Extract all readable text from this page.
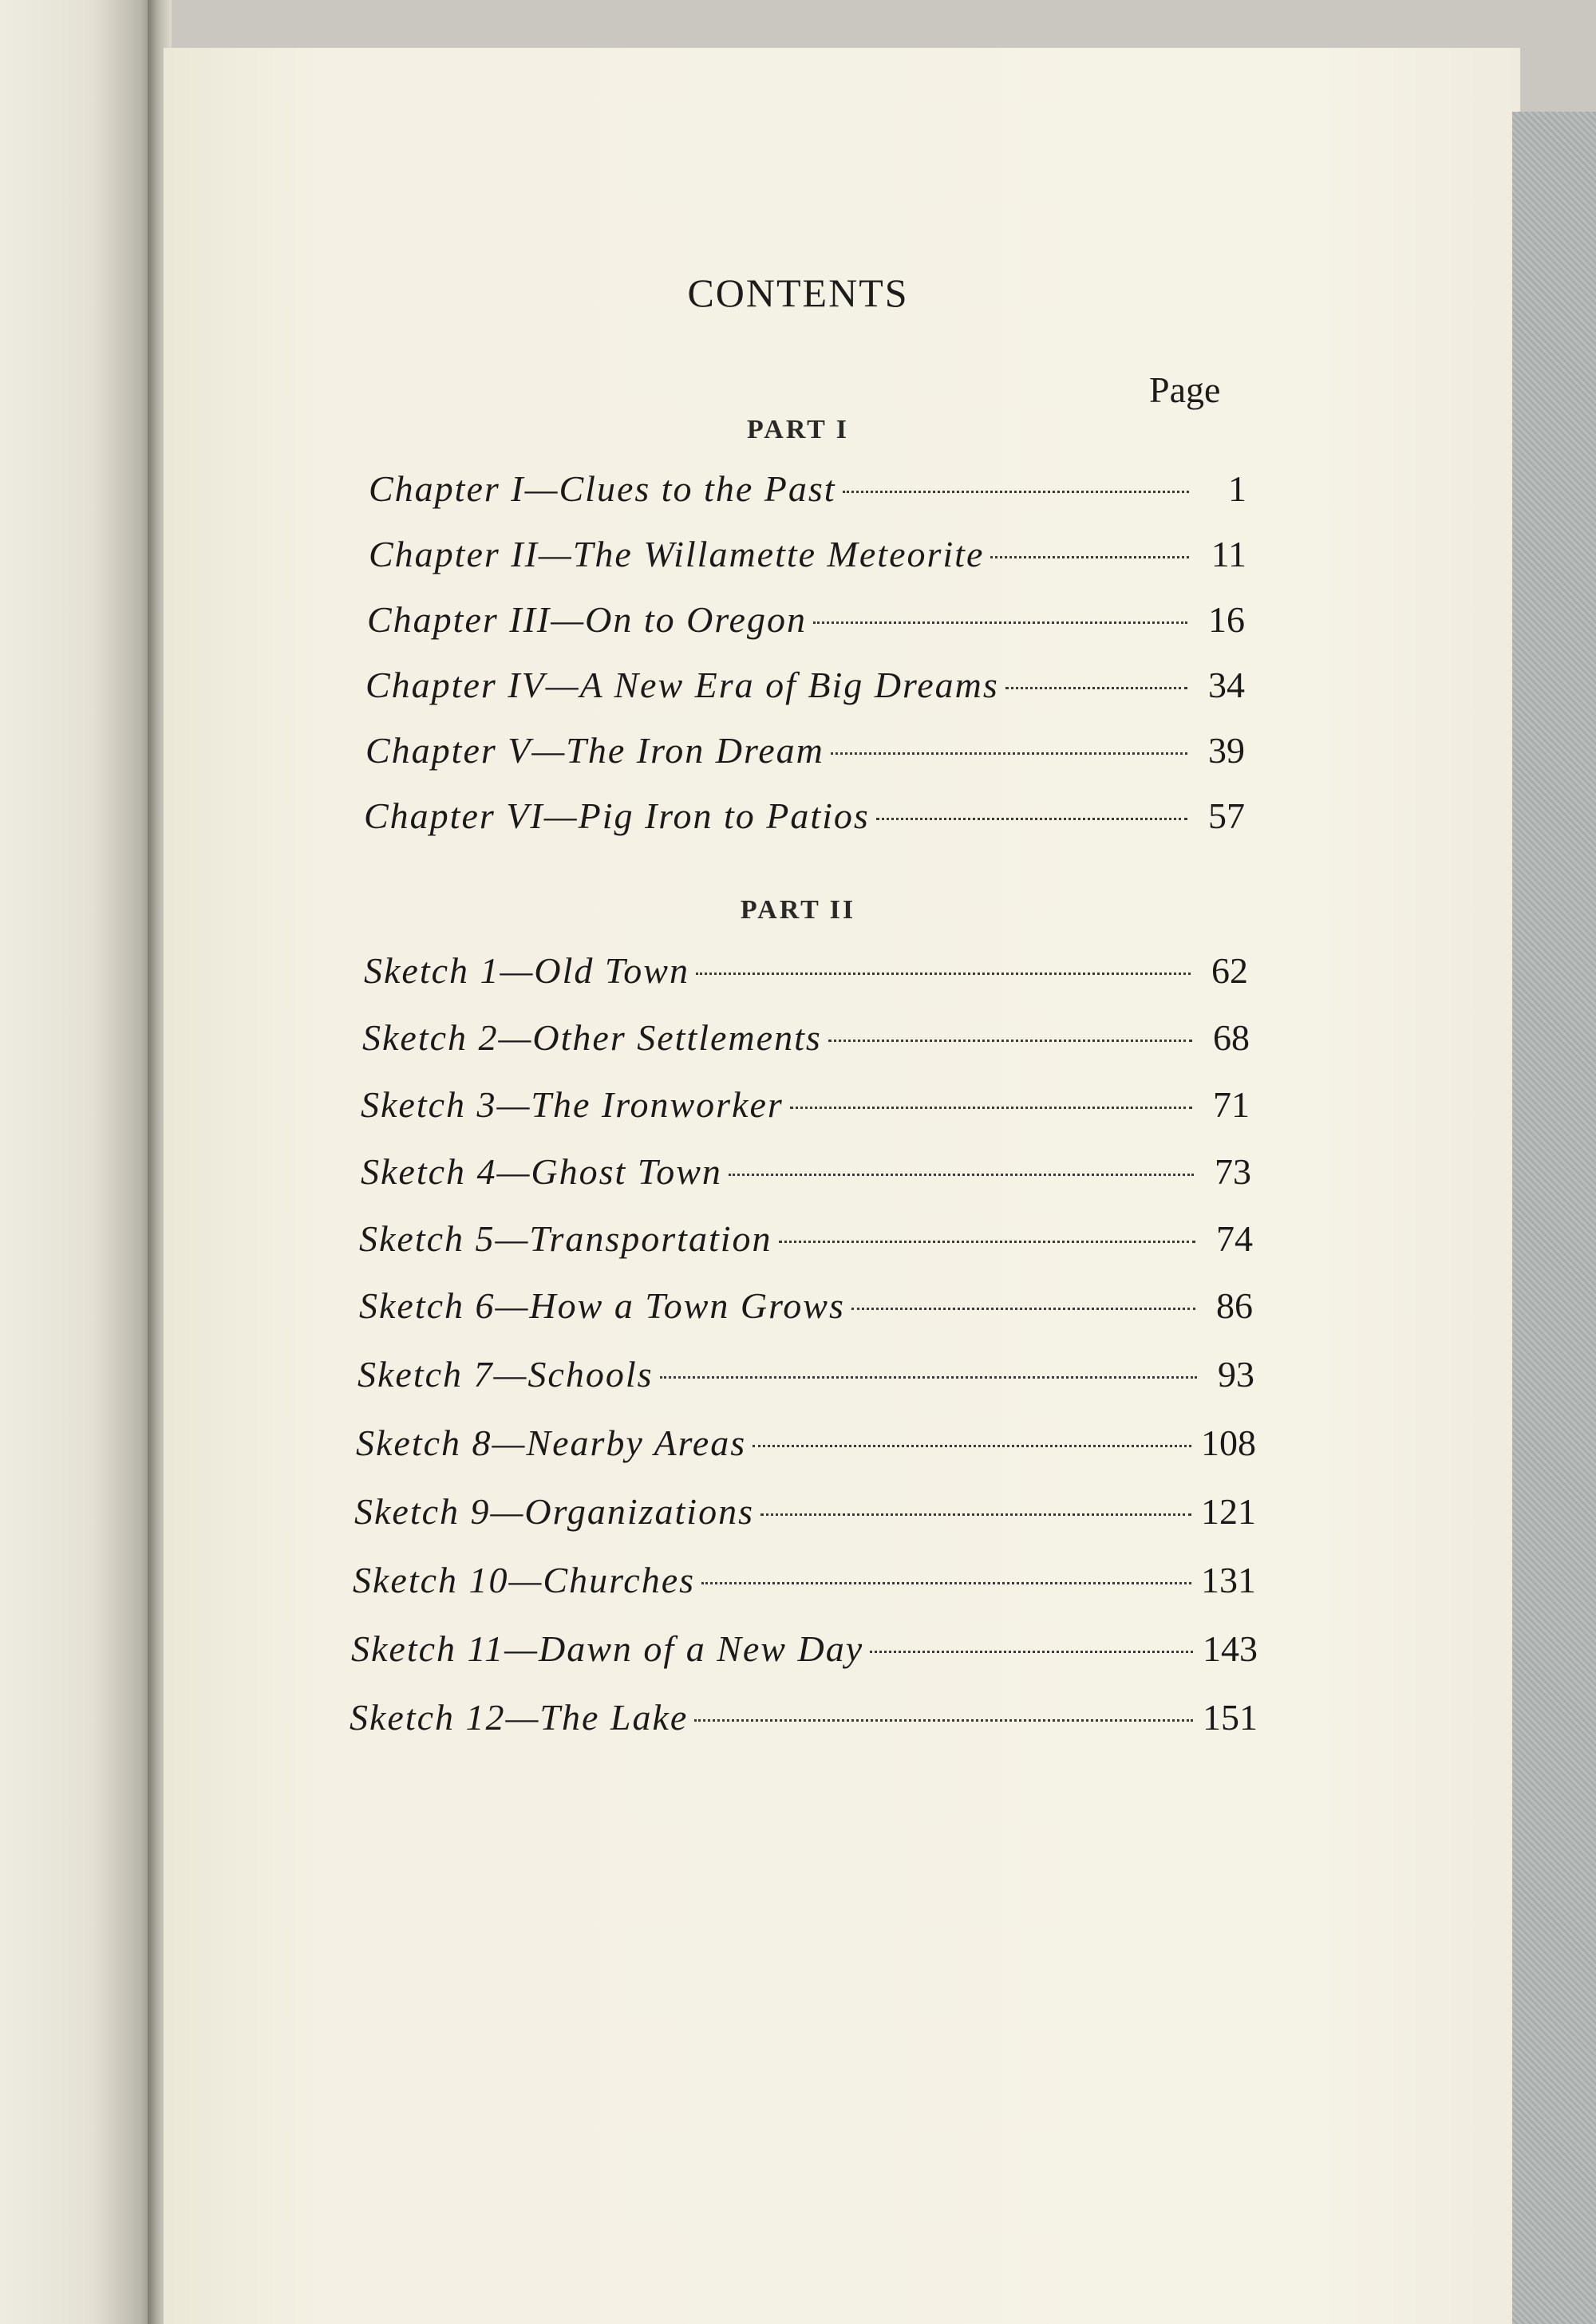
CONTENTS
Page
PART I
Chapter I—Clues to the Past	1
Chapter II—The Willamette Meteorite	11
Chapter III—On to Oregon	16
Chapter IV—A New Era of Big Dreams	34
Chapter V—The Iron Dream	39
Chapter VI—Pig Iron to Patios	57
PART II
Sketch 1—Old Town	62
Sketch 2—Other Settlements	68
Sketch 3—The Ironworker	71
Sketch 4—Ghost Town	73
Sketch 5—Transportation	74
Sketch 6—How a Town Grows	86
Sketch 7—Schools	93
Sketch 8—Nearby Areas	108
Sketch 9—Organizations	121
Sketch 10—Churches	131
Sketch 11—Dawn of a New Day	143
Sketch 12—The Lake	151
